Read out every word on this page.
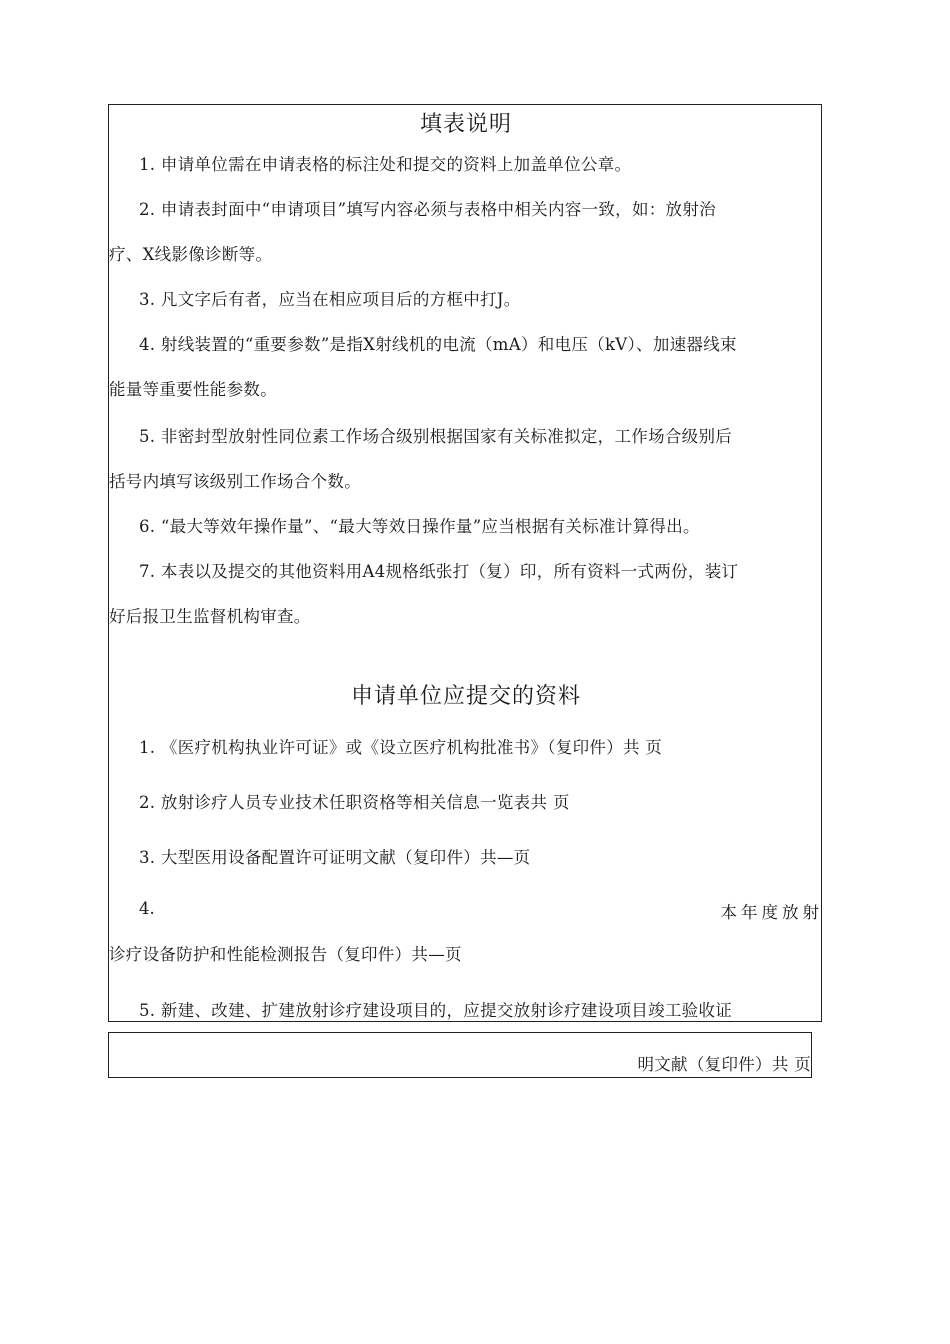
填表说明
1. 申请单位需在申请表格的标注处和提交的资料上加盖单位公章。
2. 申请表封面中“申请项目”填写内容必须与表格中相关内容一致，如：放射治
疗、X线影像诊断等。
3. 凡文字后有者，应当在相应项目后的方框中打J。
4. 射线装置的“重要参数”是指X射线机的电流（mA）和电压（kV）、加速器线束
能量等重要性能参数。
5. 非密封型放射性同位素工作场合级别根据国家有关标准拟定，工作场合级别后
括号内填写该级别工作场合个数。
6. “最大等效年操作量”、“最大等效日操作量”应当根据有关标准计算得出。
7. 本表以及提交的其他资料用A4规格纸张打（复）印，所有资料一式两份，装订
好后报卫生监督机构审查。
申请单位应提交的资料
1. 《医疗机构执业许可证》或《设立医疗机构批准书》（复印件）共 页
2. 放射诊疗人员专业技术任职资格等相关信息一览表共 页
3. 大型医用设备配置许可证明文献（复印件）共—页
4.	本年度放射
诊疗设备防护和性能检测报告（复印件）共—页
5. 新建、改建、扩建放射诊疗建设项目的，应提交放射诊疗建设项目竣工验收证
明文献（复印件）共 页
